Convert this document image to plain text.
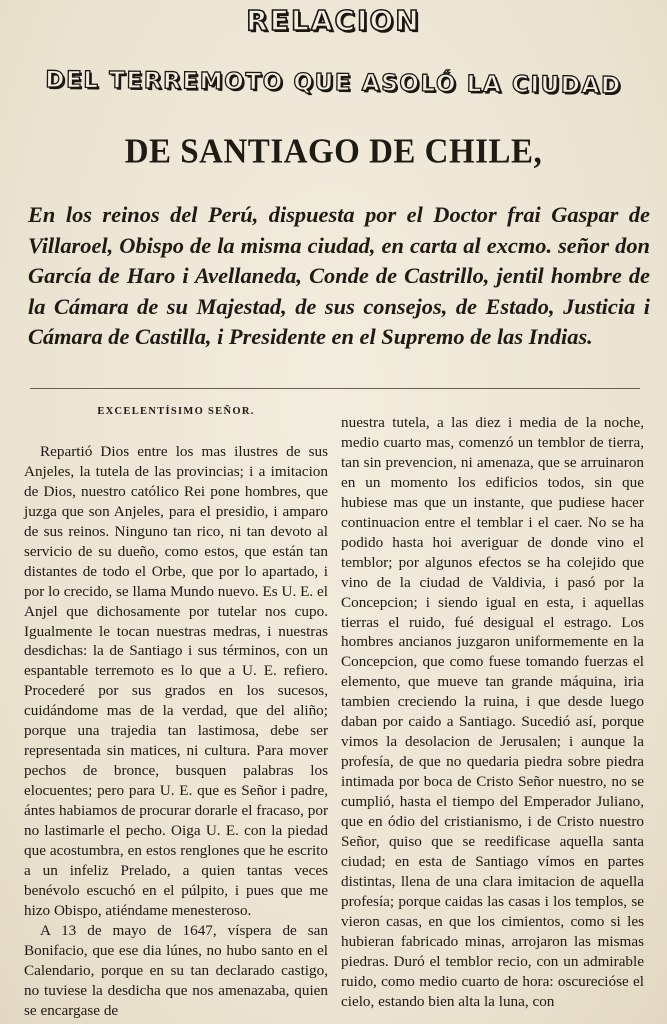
RELACION
DEL TERREMOTO QUE ASOLÓ LA CIUDAD
DE SANTIAGO DE CHILE,
En los reinos del Perú, dispuesta por el Doctor frai Gaspar de Villaroel, Obispo de la misma ciudad, en carta al excmo. señor don García de Haro i Avellaneda, Conde de Castrillo, jentil hombre de la Cámara de su Majestad, de sus consejos, de Estado, Justicia i Cámara de Castilla, i Presidente en el Supremo de las Indias.
EXCELENTÍSIMO SEÑOR.

Repartió Dios entre los mas ilustres de sus Anjeles, la tutela de las provincias; i a imitacion de Dios, nuestro católico Rei pone hombres, que juzga que son Anjeles, para el presidio, i amparo de sus reinos. Ninguno tan rico, ni tan devoto al servicio de su dueño, como estos, que están tan distantes de todo el Orbe, que por lo apartado, i por lo crecido, se llama Mundo nuevo. Es U. E. el Anjel que dichosamente por tutelar nos cupo. Igualmente le tocan nuestras medras, i nuestras desdichas: la de Santiago i sus términos, con un espantable terremoto es lo que a U. E. refiero. Procederé por sus grados en los sucesos, cuidándome mas de la verdad, que del aliño; porque una trajedia tan lastimosa, debe ser representada sin matices, ni cultura. Para mover pechos de bronce, busquen palabras los elocuentes; pero para U. E. que es Señor i padre, ántes habiamos de procurar dorarle el fracaso, por no lastimarle el pecho. Oiga U. E. con la piedad que acostumbra, en estos renglones que he escrito a un infeliz Prelado, a quien tantas veces benévolo escuchó en el púlpito, i pues que me hizo Obispo, atiéndame menesteroso.

A 13 de mayo de 1647, víspera de san Bonifacio, que ese dia lúnes, no hubo santo en el Calendario, porque en su tan declarado castigo, no tuviese la desdicha que nos amenazaba, quien se encargase de

nuestra tutela, a las diez i media de la noche, medio cuarto mas, comenzó un temblor de tierra, tan sin prevencion, ni amenaza, que se arruinaron en un momento los edificios todos, sin que hubiese mas que un instante, que pudiese hacer continuacion entre el temblar i el caer. No se ha podido hasta hoi averiguar de donde vino el temblor; por algunos efectos se ha colejido que vino de la ciudad de Valdivia, i pasó por la Concepcion; i siendo igual en esta, i aquellas tierras el ruido, fué desigual el estrago. Los hombres ancianos juzgaron uniformemente en la Concepcion, que como fuese tomando fuerzas el elemento, que mueve tan grande máquina, iria tambien creciendo la ruina, i que desde luego daban por caido a Santiago. Sucedió así, porque vimos la desolacion de Jerusalen; i aunque la profesía, de que no quedaria piedra sobre piedra intimada por boca de Cristo Señor nuestro, no se cumplió, hasta el tiempo del Emperador Juliano, que en ódio del cristianismo, i de Cristo nuestro Señor, quiso que se reedificase aquella santa ciudad; en esta de Santiago vímos en partes distintas, llena de una clara imitacion de aquella profesía; porque caidas las casas i los templos, se vieron casas, en que los cimientos, como si les hubieran fabricado minas, arrojaron las mismas piedras. Duró el temblor recio, con un admirable ruido, como medio cuarto de hora: oscurecióse el cielo, estando bien alta la luna, con
